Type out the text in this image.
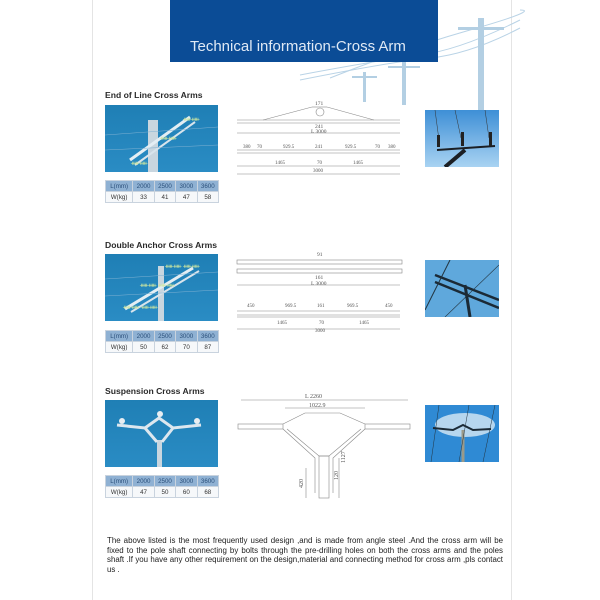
Technical information-Cross Arm
End of Line Cross Arms
ᚔᚔ
ᚔᚔ
ᚔᚔ
L(mm)	2000	2500	3000	3600
W(kg)	33	41	47	58
171
241
L 3000
380 70	929.5	241	929.5	70 380
1465	70	1465
3000
Double Anchor Cross Arms
ᚔᚔ ᚔᚔ
ᚔᚔ ᚔᚔ
ᚔᚔ ᚔᚔ
L(mm)	2000	2500	3000	3600
W(kg)	50	62	70	87
91
161
L 3000
450	969.5	161	969.5	450
1465	70	1465
3000
Suspension Cross Arms
L(mm)	2000	2500	3000	3600
W(kg)	47	50	60	68
L 2260
1022.9
420
120
1127
The above listed is the most frequently used design ,and is made from angle steel .And the cross arm will be fixed to the pole shaft connecting by bolts through the pre-drilling holes on both the cross arms and the poles shaft .If you have any other requirement on the design,material and connecting method for cross arm ,pls contact us .
